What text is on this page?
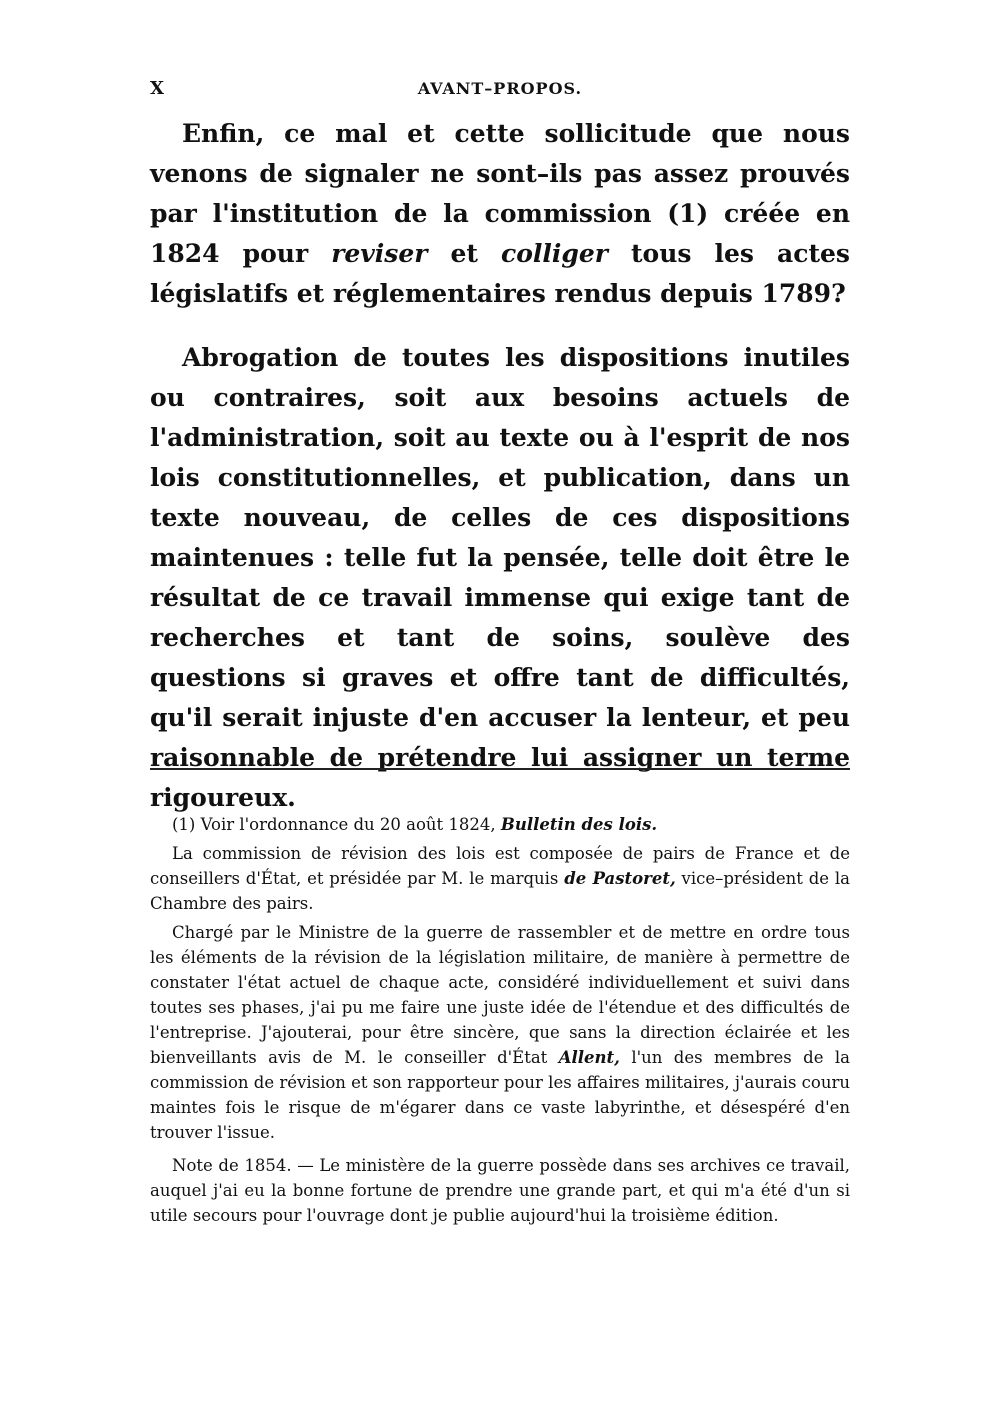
X	AVANT–PROPOS.

Enfin, ce mal et cette sollicitude que nous venons de signaler ne sont–ils pas assez prouvés par l'institution de la commission (1) créée en 1824 pour reviser et colliger tous les actes législatifs et réglementaires rendus depuis 1789?

Abrogation de toutes les dispositions inutiles ou contraires, soit aux besoins actuels de l'administration, soit au texte ou à l'esprit de nos lois constitutionnelles, et publication, dans un texte nouveau, de celles de ces dispositions maintenues : telle fut la pensée, telle doit être le résultat de ce travail immense qui exige tant de recherches et tant de soins, soulève des questions si graves et offre tant de difficultés, qu'il serait injuste d'en accuser la lenteur, et peu raisonnable de prétendre lui assigner un terme rigoureux.

(1) Voir l'ordonnance du 20 août 1824, Bulletin des lois.

La commission de révision des lois est composée de pairs de France et de conseillers d'État, et présidée par M. le marquis de Pastoret, vice–président de la Chambre des pairs.

Chargé par le Ministre de la guerre de rassembler et de mettre en ordre tous les éléments de la révision de la législation militaire, de manière à permettre de constater l'état actuel de chaque acte, considéré individuellement et suivi dans toutes ses phases, j'ai pu me faire une juste idée de l'étendue et des difficultés de l'entreprise. J'ajouterai, pour être sincère, que sans la direction éclairée et les bienveillants avis de M. le conseiller d'État Allent, l'un des membres de la commission de révision et son rapporteur pour les affaires militaires, j'aurais couru maintes fois le risque de m'égarer dans ce vaste labyrinthe, et désespéré d'en trouver l'issue.

Note de 1854. — Le ministère de la guerre possède dans ses archives ce travail, auquel j'ai eu la bonne fortune de prendre une grande part, et qui m'a été d'un si utile secours pour l'ouvrage dont je publie aujourd'hui la troisième édition.
